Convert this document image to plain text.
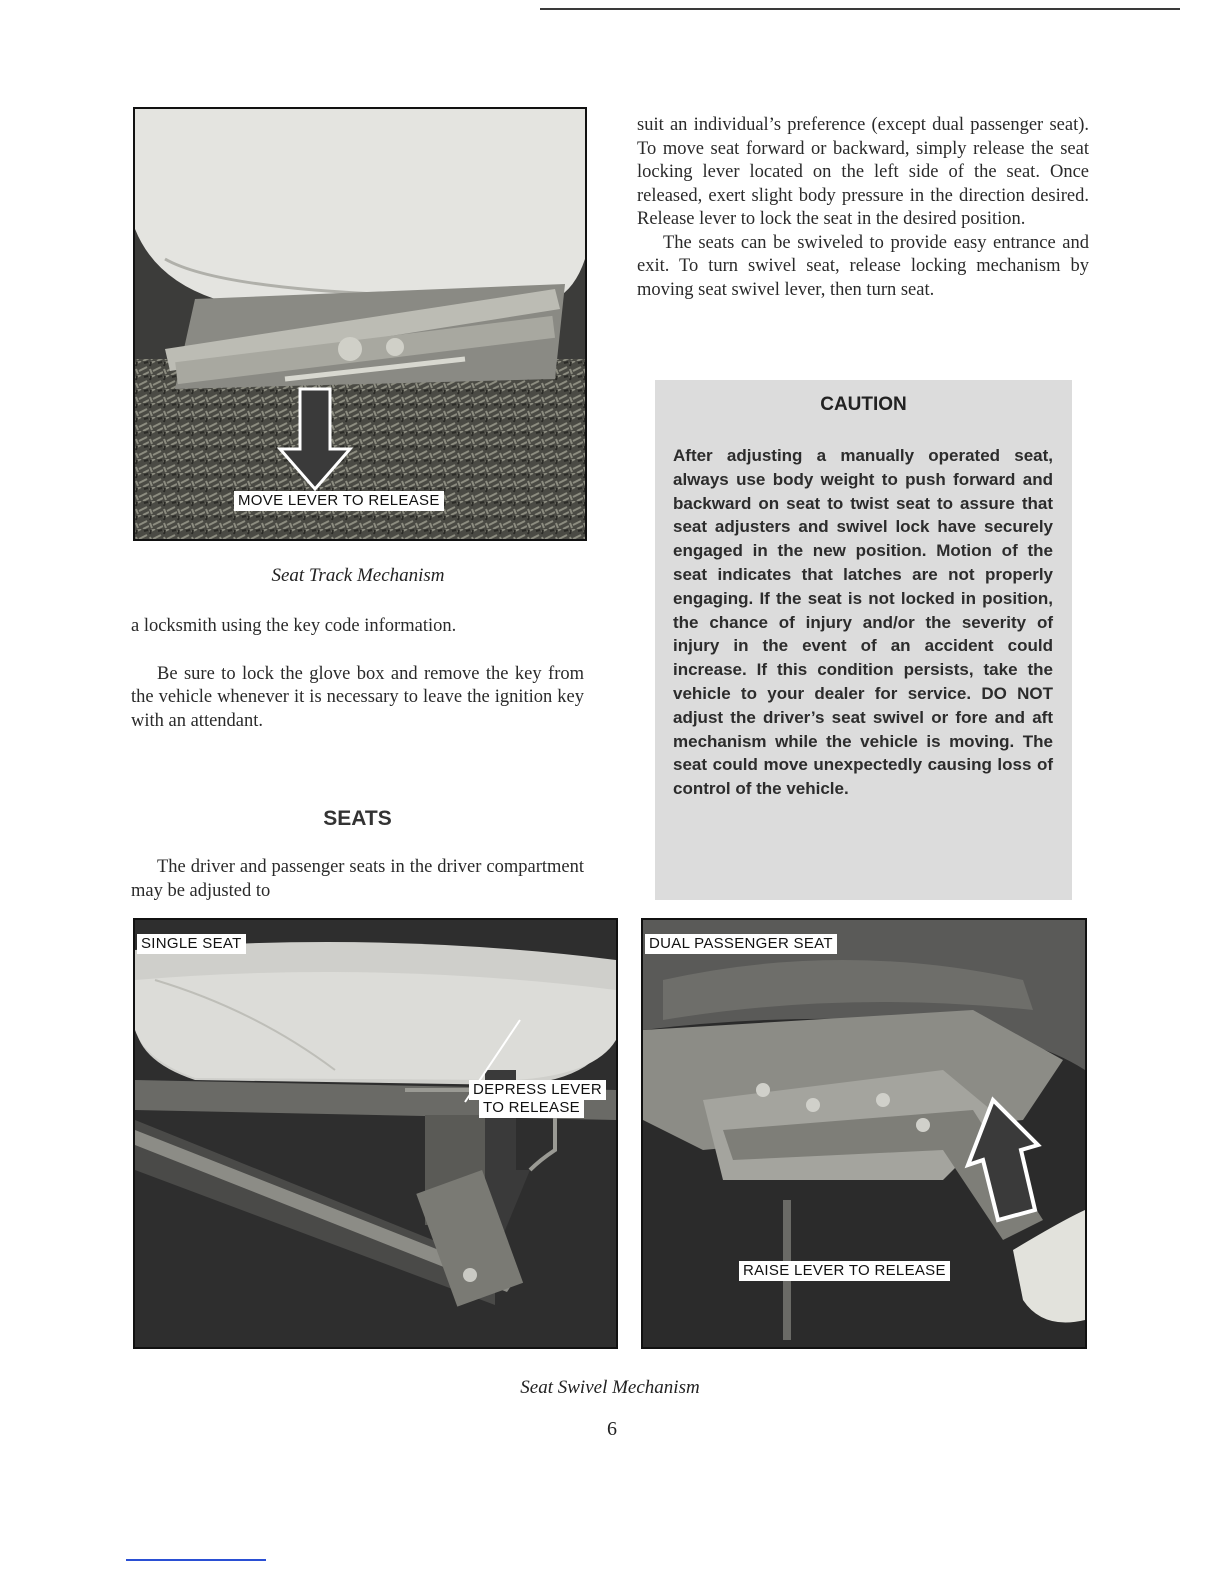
MOVE LEVER TO RELEASE
Seat Track Mechanism

a locksmith using the key code information.

Be sure to lock the glove box and remove the key from the vehicle whenever it is necessary to leave the ignition key with an attendant.

SEATS

The driver and passenger seats in the driver compartment may be adjusted to

suit an individual’s preference (except dual passenger seat). To move seat forward or backward, simply release the seat locking lever located on the left side of the seat. Once released, exert slight body pressure in the direction desired. Release lever to lock the seat in the desired position.

The seats can be swiveled to provide easy entrance and exit. To turn swivel seat, release locking mechanism by moving seat swivel lever, then turn seat.

CAUTION

After adjusting a manually operated seat, always use body weight to push forward and backward on seat to twist seat to assure that seat adjusters and swivel lock have securely engaged in the new position. Motion of the seat indicates that latches are not properly engaging. If the seat is not locked in position, the chance of injury and/or the severity of injury in the event of an accident could increase. If this condition persists, take the vehicle to your dealer for service. DO NOT adjust the driver’s seat swivel or fore and aft mechanism while the vehicle is moving. The seat could move unexpectedly causing loss of control of the vehicle.

SINGLE SEAT
DEPRESS LEVER
TO RELEASE
DUAL PASSENGER SEAT
RAISE LEVER TO RELEASE
Seat Swivel Mechanism
6
